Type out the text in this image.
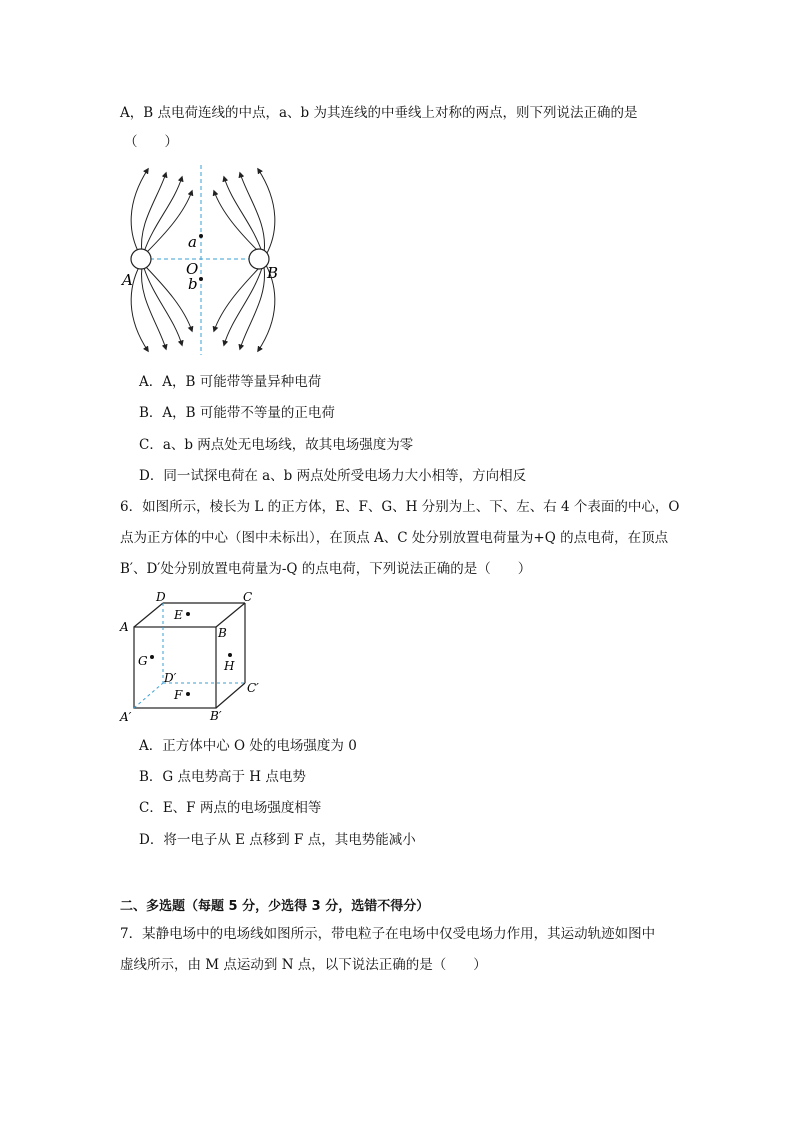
A，B 点电荷连线的中点，a、b 为其连线的中垂线上对称的两点，则下列说法正确的是
（　　）
A	B
O
a
b
A．A，B 可能带等量异种电荷
B．A，B 可能带不等量的正电荷
C．a、b 两点处无电场线，故其电场强度为零
D．同一试探电荷在 a、b 两点处所受电场力大小相等，方向相反
6．如图所示，棱长为 L 的正方体，E、F、G、H 分别为上、下、左、右 4 个表面的中心，O
点为正方体的中心（图中未标出），在顶点 A、C 处分别放置电荷量为+Q 的点电荷，在顶点
B′、D′处分别放置电荷量为-Q 的点电荷，下列说法正确的是（　　）
D	C
A	B
E
G	H
D′
C′
F
A′	B′
A．正方体中心 O 处的电场强度为 0
B．G 点电势高于 H 点电势
C．E、F 两点的电场强度相等
D．将一电子从 E 点移到 F 点，其电势能减小
二、多选题（每题 5 分，少选得 3 分，选错不得分）
7．某静电场中的电场线如图所示，带电粒子在电场中仅受电场力作用，其运动轨迹如图中
虚线所示，由 M 点运动到 N 点，以下说法正确的是（　　）
